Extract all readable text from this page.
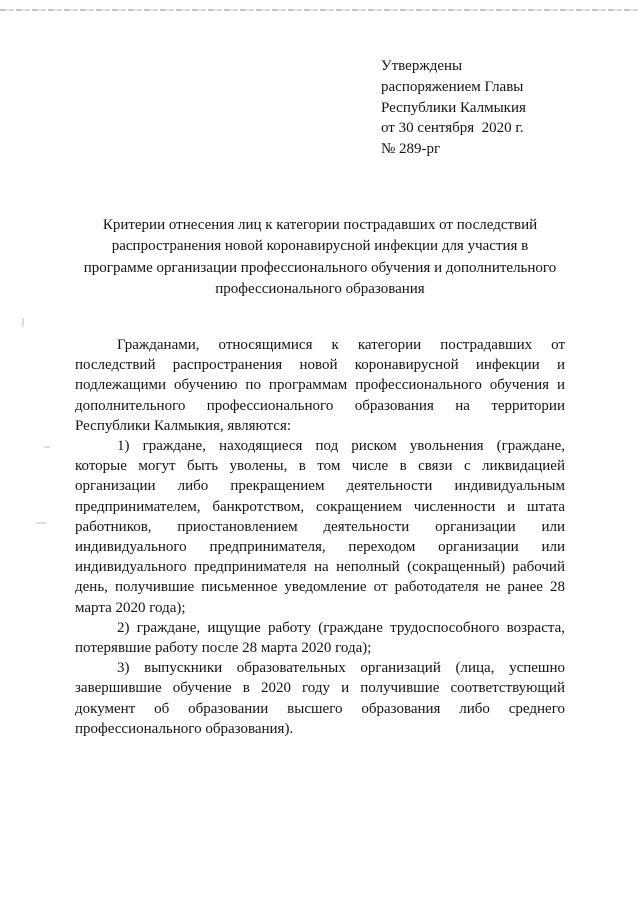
Утверждены
распоряжением Главы
Республики Калмыкия
от 30 сентября  2020 г.
№ 289-рг
Критерии отнесения лиц к категории пострадавших от последствий
распространения новой коронавирусной инфекции для участия в
программе организации профессионального обучения и дополнительного
профессионального образования
Гражданами, относящимися к категории пострадавших от
последствий распространения новой коронавирусной инфекции и
подлежащими обучению по программам профессионального обучения и
дополнительного профессионального образования на территории
Республики Калмыкия, являются:
1) граждане, находящиеся под риском увольнения (граждане,
которые могут быть уволены, в том числе в связи с ликвидацией
организации либо прекращением деятельности индивидуальным
предпринимателем, банкротством, сокращением численности и штата
работников, приостановлением деятельности организации или
индивидуального предпринимателя, переходом организации или
индивидуального предпринимателя на неполный (сокращенный) рабочий
день, получившие письменное уведомление от работодателя не ранее 28
марта 2020 года);
2) граждане, ищущие работу (граждане трудоспособного возраста,
потерявшие работу после 28 марта 2020 года);
3) выпускники образовательных организаций (лица, успешно
завершившие обучение в 2020 году и получившие соответствующий
документ об образовании высшего образования либо среднего
профессионального образования).
